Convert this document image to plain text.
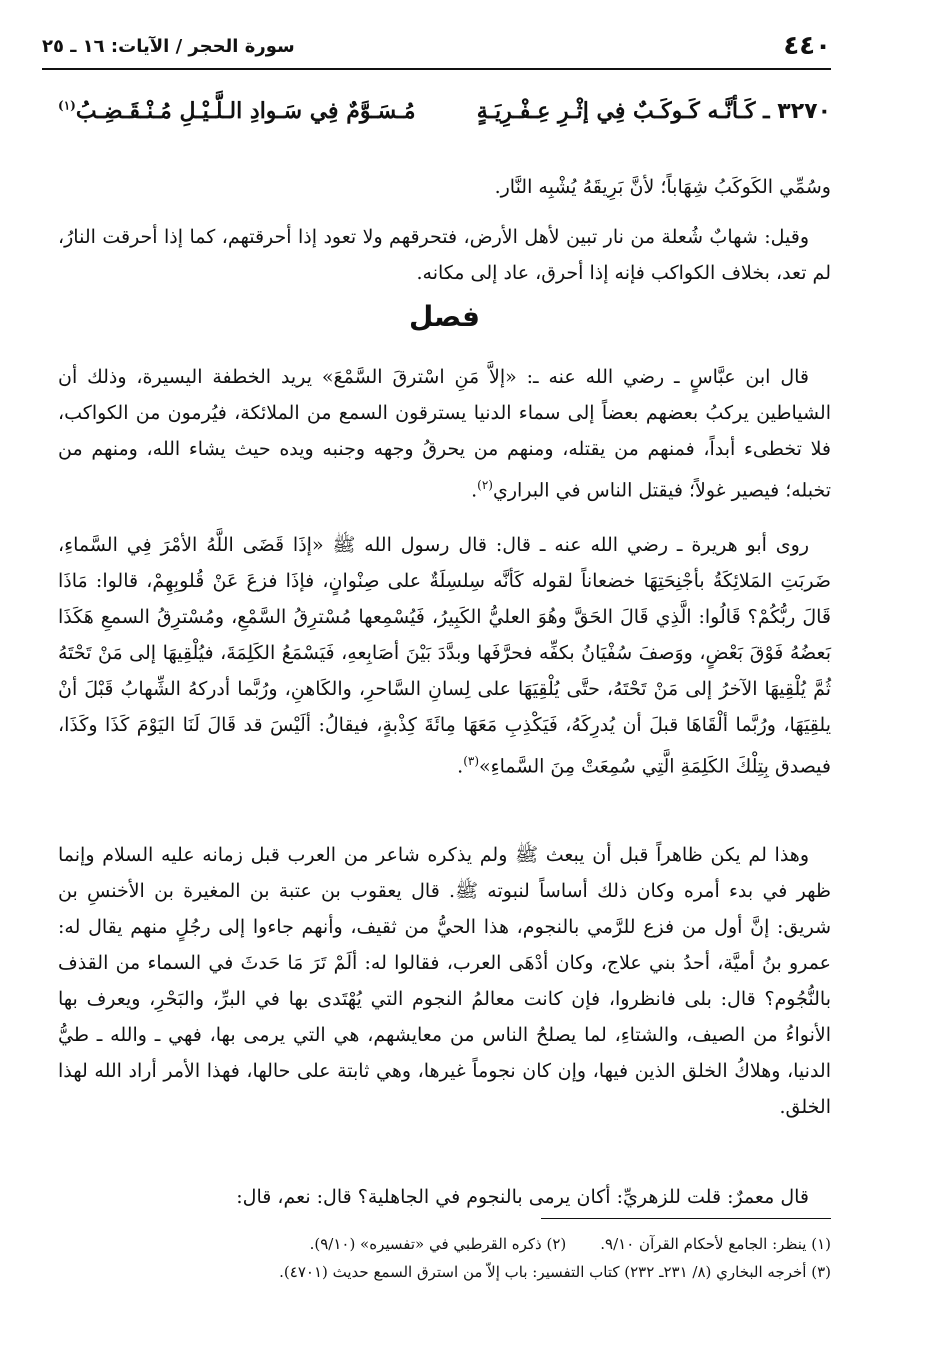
٤٤٠
سورة الحجر / الآيات: ١٦ ـ ٢٥
٣٢٧٠ ـ كَـأنَّـه كَـوكَـبٌ فِي إثْـرِ عِـفْـرِيَـةٍ
مُـسَـوَّمٌ فِي سَـوادِ الـلَّـيْـلِ مُـنْـقَـضِـبُ$^{(١)}$

وسُمِّي الكَوكَبُ شِهَاباً؛ لأنَّ بَرِيقَهُ يُشْبِه النَّار.

وقيل: شهابٌ شُعلة من نار تبين لأهل الأرض، فتحرقهم ولا تعود إذا أحرقتهم، كما إذا أحرقت النارُ، لم تعد، بخلاف الكواكب فإنه إذا أحرق، عاد إلى مكانه.

فصل

قال ابن عبَّاسٍ ـ رضي الله عنه ـ: «إلاَّ مَنِ اسْترقَ السَّمْعَ» يريد الخطفة اليسيرة، وذلك أن الشياطين يركبُ بعضهم بعضاً إلى سماء الدنيا يسترقون السمع من الملائكة، فيُرمون من الكواكب، فلا تخطىء أبداً، فمنهم من يقتله، ومنهم من يحرقُ وجهه وجنبه ويده حيث يشاء الله، ومنهم من تخبله؛ فيصير غولاً؛ فيقتل الناس في البراري$^{(٢)}$.

روى أبو هريرة ـ رضي الله عنه ـ قال: قال رسول الله ﷺ «إذَا قَضَى اللَّهُ الأمْرَ فِي السَّماءِ، ضَربَتِ المَلائِكَةُ بأجْنِحَتِهَا خضعاناً لقوله كَأنَّه سِلسِلَةٌ على صِنْوانٍ، فإذَا فزعَ عَنْ قُلوبِهِمْ، قالوا: مَاذَا قَالَ ربُّكُمْ؟ قَالُوا: الَّذِي قَالَ الحَقَّ وهُوَ العليُّ الكَبِيرُ، فَيُسْمِعها مُسْترِقُ السَّمْعِ، ومُسْترِقُ السمعِ هَكَذَا بَعضُهُ فَوْقَ بَعْضٍ، ووَصفَ سُفْيَانُ بكفِّه فحرَّفَها وبدَّدَ بَيْنَ أصَابِعهِ، فَيَسْمَعُ الكَلِمَةَ، فيُلْقِيهَا إلى مَنْ تَحْتَهُ ثُمَّ يُلْقِيهَا الآخرُ إلى مَنْ تَحْتَهُ، حتَّى يُلْقِيَهَا على لِسانِ السَّاحرِ، والكَاهنِ، ورُبَّما أدركهُ الشِّهابُ قَبْلَ أنْ يلقِيَهَا، ورُبَّما ألْقَاهَا قبلَ أن يُدرِكَهُ، فَيَكْذِبِ مَعَهَا مِائَةَ كِذْبةٍ، فيقالُ: ألَيْسَ قد قَالَ لَنَا اليَوْمَ كَذَا وكَذَا، فيصدق بِتِلْكَ الكَلِمَةِ الَّتِي سُمِعَتْ مِنَ السَّماءِ»$^{(٣)}$.

وهذا لم يكن ظاهراً قبل أن يبعث ﷺ ولم يذكره شاعر من العرب قبل زمانه عليه السلام وإنما ظهر في بدء أمره وكان ذلك أساساً لنبوته ﷺ. قال يعقوب بن عتبة بن المغيرة بن الأخنسِ بن شريق: إنَّ أول من فزع للرَّمي بالنجوم، هذا الحيُّ من ثقيف، وأنهم جاءوا إلى رجُلٍ منهم يقال له: عمرو بنُ أميَّة، أحدُ بني علاج، وكان أدْهَى العرب، فقالوا له: ألَمْ تَرَ مَا حَدثَ في السماء من القذف بالنُّجُوم؟ قال: بلى فانظروا، فإن كانت معالمُ النجوم التي يُهْتَدى بها في البرِّ، والبَحْرِ، ويعرف بها الأنواءُ من الصيف، والشتاءِ، لما يصلحُ الناس من معايشهم، هي التي يرمى بها، فهي ـ والله ـ طيُّ الدنيا، وهلاكُ الخلق الذين فيها، وإن كان نجوماً غيرها، وهي ثابتة على حالها، فهذا الأمر أراد الله لهذا الخلق.

قال معمرٌ: قلت للزهريِّ: أكان يرمى بالنجوم في الجاهلية؟ قال: نعم، قال:

(١) ينظر: الجامع لأحكام القرآن ٩/١٠.
(٢) ذكره القرطبي في «تفسيره» (٩/١٠).
(٣) أخرجه البخاري (٨/ ٢٣١ـ ٢٣٢) كتاب التفسير: باب إلاّ من استرق السمع حديث (٤٧٠١).
